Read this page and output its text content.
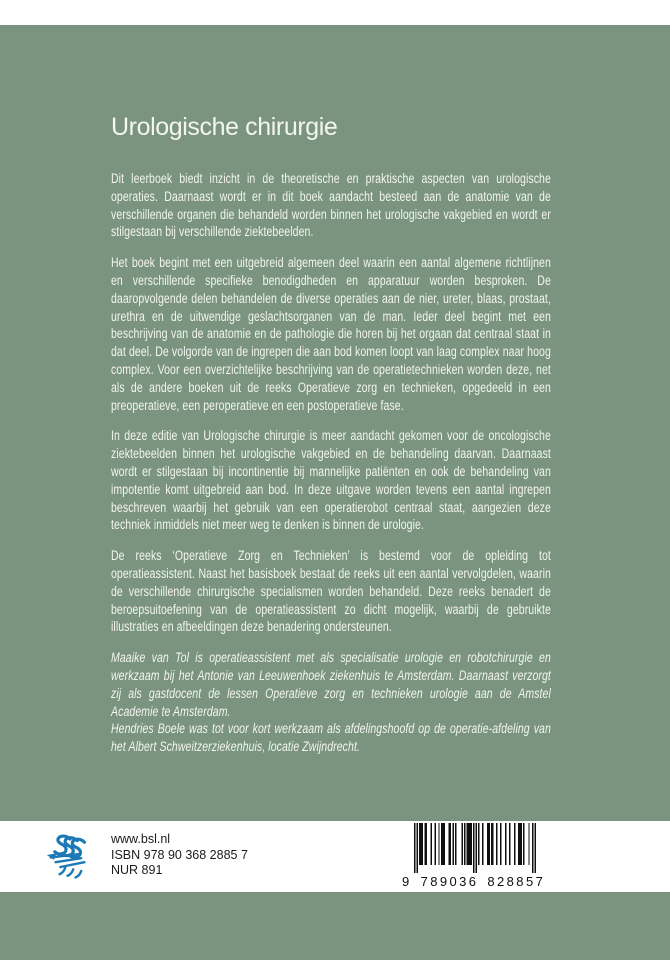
Urologische chirurgie

Dit leerboek biedt inzicht in de theoretische en praktische aspecten van urologische operaties. Daarnaast wordt er in dit boek aandacht besteed aan de anatomie van de verschillende organen die behandeld worden binnen het urologische vakgebied en wordt er stilgestaan bij verschillende ziektebeelden.

Het boek begint met een uitgebreid algemeen deel waarin een aantal algemene richtlijnen en verschillende specifieke benodigdheden en apparatuur worden besproken. De daaropvolgende delen behandelen de diverse operaties aan de nier, ureter, blaas, prostaat, urethra en de uitwendige geslachtsorganen van de man. Ieder deel begint met een beschrijving van de anatomie en de pathologie die horen bij het orgaan dat centraal staat in dat deel. De volgorde van de ingrepen die aan bod komen loopt van laag complex naar hoog complex. Voor een overzichtelijke beschrijving van de operatietechnieken worden deze, net als de andere boeken uit de reeks Operatieve zorg en technieken, opgedeeld in een preoperatieve, een peroperatieve en een postoperatieve fase.

In deze editie van Urologische chirurgie is meer aandacht gekomen voor de oncologische ziektebeelden binnen het urologische vakgebied en de behandeling daarvan. Daarnaast wordt er stilgestaan bij incontinentie bij mannelijke patiënten en ook de behandeling van impotentie komt uitgebreid aan bod. In deze uitgave worden tevens een aantal ingrepen beschreven waarbij het gebruik van een operatierobot centraal staat, aangezien deze techniek inmiddels niet meer weg te denken is binnen de urologie.

De reeks ‘Operatieve Zorg en Technieken’ is bestemd voor de opleiding tot operatieassistent. Naast het basisboek bestaat de reeks uit een aantal vervolgdelen, waarin de verschillende chirurgische specialismen worden behandeld. Deze reeks benadert de beroepsuitoefening van de operatieassistent zo dicht mogelijk, waarbij de gebruikte illustraties en afbeeldingen deze benadering ondersteunen.

Maaike van Tol is operatieassistent met als specialisatie urologie en robotchirurgie en werkzaam bij het Antonie van Leeuwenhoek ziekenhuis te Amsterdam. Daarnaast verzorgt zij als gastdocent de lessen Operatieve zorg en technieken urologie aan de Amstel Academie te Amsterdam.

Hendries Boele was tot voor kort werkzaam als afdelingshoofd op de operatie-afdeling van het Albert Schweitzerziekenhuis, locatie Zwijndrecht.

www.bsl.nl
ISBN 978 90 368 2885 7
NUR 891
9 789036 828857
